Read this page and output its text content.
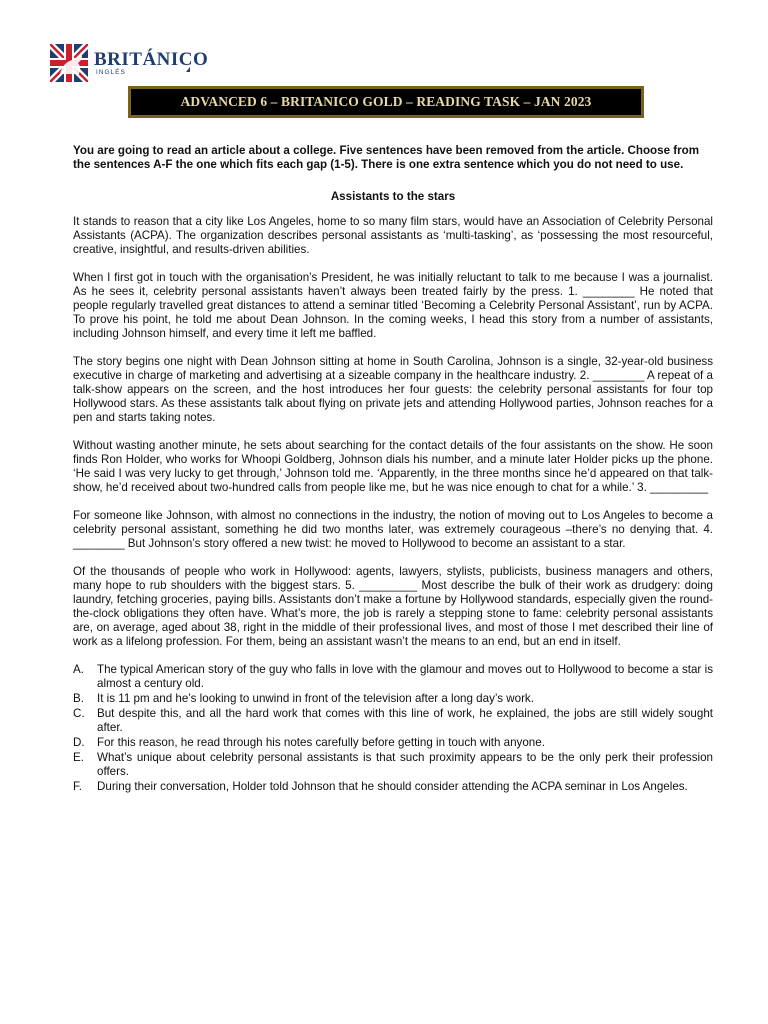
BRITÁNICO
INGLÉS
ADVANCED 6 – BRITANICO GOLD – READING TASK – JAN 2023

You are going to read an article about a college. Five sentences have been removed from the article. Choose from the sentences A-F the one which fits each gap (1-5). There is one extra sentence which you do not need to use.

Assistants to the stars

It stands to reason that a city like Los Angeles, home to so many film stars, would have an Association of Celebrity Personal Assistants (ACPA). The organization describes personal assistants as ‘multi-tasking’, as ‘possessing the most resourceful, creative, insightful, and results-driven abilities.

When I first got in touch with the organisation’s President, he was initially reluctant to talk to me because I was a journalist. As he sees it, celebrity personal assistants haven’t always been treated fairly by the press. 1. ________ He noted that people regularly travelled great distances to attend a seminar titled ‘Becoming a Celebrity Personal Assistant’, run by ACPA. To prove his point, he told me about Dean Johnson. In the coming weeks, I head this story from a number of assistants, including Johnson himself, and every time it left me baffled.

The story begins one night with Dean Johnson sitting at home in South Carolina, Johnson is a single, 32-year-old business executive in charge of marketing and advertising at a sizeable company in the healthcare industry. 2. ________ A repeat of a talk-show appears on the screen, and the host introduces her four guests: the celebrity personal assistants for four top Hollywood stars. As these assistants talk about flying on private jets and attending Hollywood parties, Johnson reaches for a pen and starts taking notes.

Without wasting another minute, he sets about searching for the contact details of the four assistants on the show. He soon finds Ron Holder, who works for Whoopi Goldberg, Johnson dials his number, and a minute later Holder picks up the phone. ‘He said I was very lucky to get through,’ Johnson told me. ‘Apparently, in the three months since he’d appeared on that talk-show, he’d received about two-hundred calls from people like me, but he was nice enough to chat for a while.’ 3. _________

For someone like Johnson, with almost no connections in the industry, the notion of moving out to Los Angeles to become a celebrity personal assistant, something he did two months later, was extremely courageous –there’s no denying that. 4. ________ But Johnson’s story offered a new twist: he moved to Hollywood to become an assistant to a star.

Of the thousands of people who work in Hollywood: agents, lawyers, stylists, publicists, business managers and others, many hope to rub shoulders with the biggest stars. 5. _________ Most describe the bulk of their work as drudgery: doing laundry, fetching groceries, paying bills. Assistants don’t make a fortune by Hollywood standards, especially given the round-the-clock obligations they often have. What’s more, the job is rarely a stepping stone to fame: celebrity personal assistants are, on average, aged about 38, right in the middle of their professional lives, and most of those I met described their line of work as a lifelong profession. For them, being an assistant wasn’t the means to an end, but an end in itself.

A.	The typical American story of the guy who falls in love with the glamour and moves out to Hollywood to become a star is almost a century old.
B.	It is 11 pm and he’s looking to unwind in front of the television after a long day’s work.
C.	But despite this, and all the hard work that comes with this line of work, he explained, the jobs are still widely sought after.
D.	For this reason, he read through his notes carefully before getting in touch with anyone.
E.	What’s unique about celebrity personal assistants is that such proximity appears to be the only perk their profession offers.
F.	During their conversation, Holder told Johnson that he should consider attending the ACPA seminar in Los Angeles.
